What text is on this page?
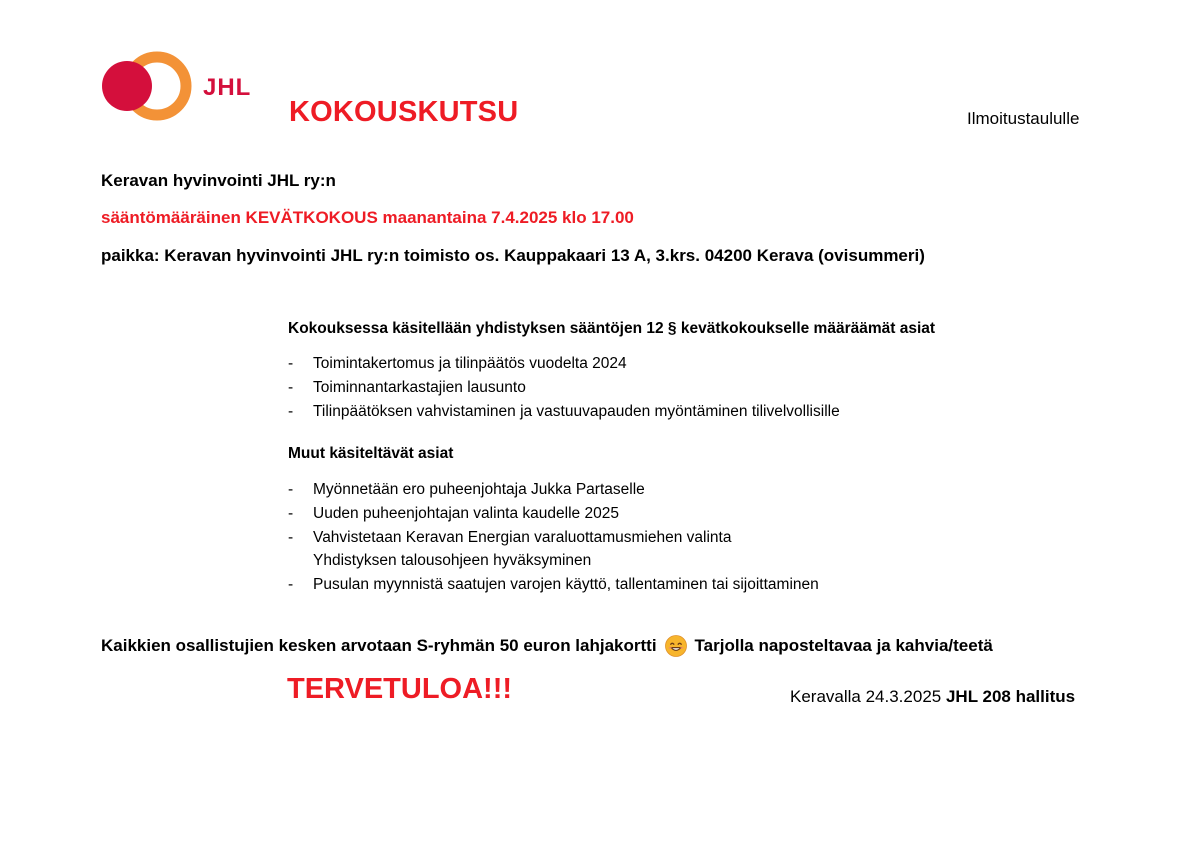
JHL
KOKOUSKUTSU	Ilmoitustaululle
Keravan hyvinvointi JHL ry:n
sääntömääräinen KEVÄTKOKOUS maanantaina 7.4.2025 klo 17.00
paikka: Keravan hyvinvointi JHL ry:n toimisto os. Kauppakaari 13 A, 3.krs. 04200 Kerava (ovisummeri)
Kokouksessa käsitellään yhdistyksen sääntöjen 12 § kevätkokoukselle määräämät asiat
- Toimintakertomus ja tilinpäätös vuodelta 2024
- Toiminnantarkastajien lausunto
- Tilinpäätöksen vahvistaminen ja vastuuvapauden myöntäminen tilivelvollisille
Muut käsiteltävät asiat
- Myönnetään ero puheenjohtaja Jukka Partaselle
- Uuden puheenjohtajan valinta kaudelle 2025
- Vahvistetaan Keravan Energian varaluottamusmiehen valinta
Yhdistyksen talousohjeen hyväksyminen
- Pusulan myynnistä saatujen varojen käyttö, tallentaminen tai sijoittaminen
Kaikkien osallistujien kesken arvotaan S-ryhmän 50 euron lahjakortti Tarjolla naposteltavaa ja kahvia/teetä
TERVETULOA!!!	Keravalla 24.3.2025 JHL 208 hallitus
